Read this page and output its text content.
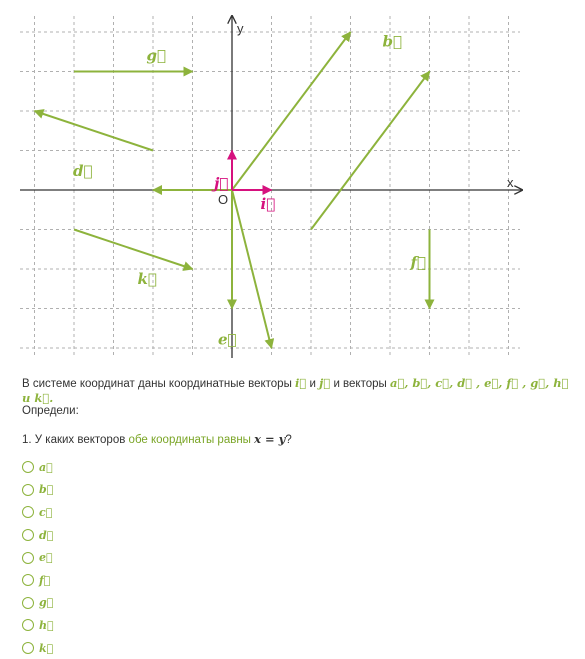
x
y
O
g⃗
d⃗
k⃗
e⃗
b⃗
f⃗
i⃗
j⃗
В системе координат даны координатные векторы i⃗ и j⃗ и векторы a⃗, b⃗, c⃗, d⃗ , e⃗, f⃗ , g⃗, h⃗ и k⃗.
Определи:
1. У каких векторов обе координаты равны x = y?
a⃗
b⃗
c⃗
d⃗
e⃗
f⃗
g⃗
h⃗
k⃗
